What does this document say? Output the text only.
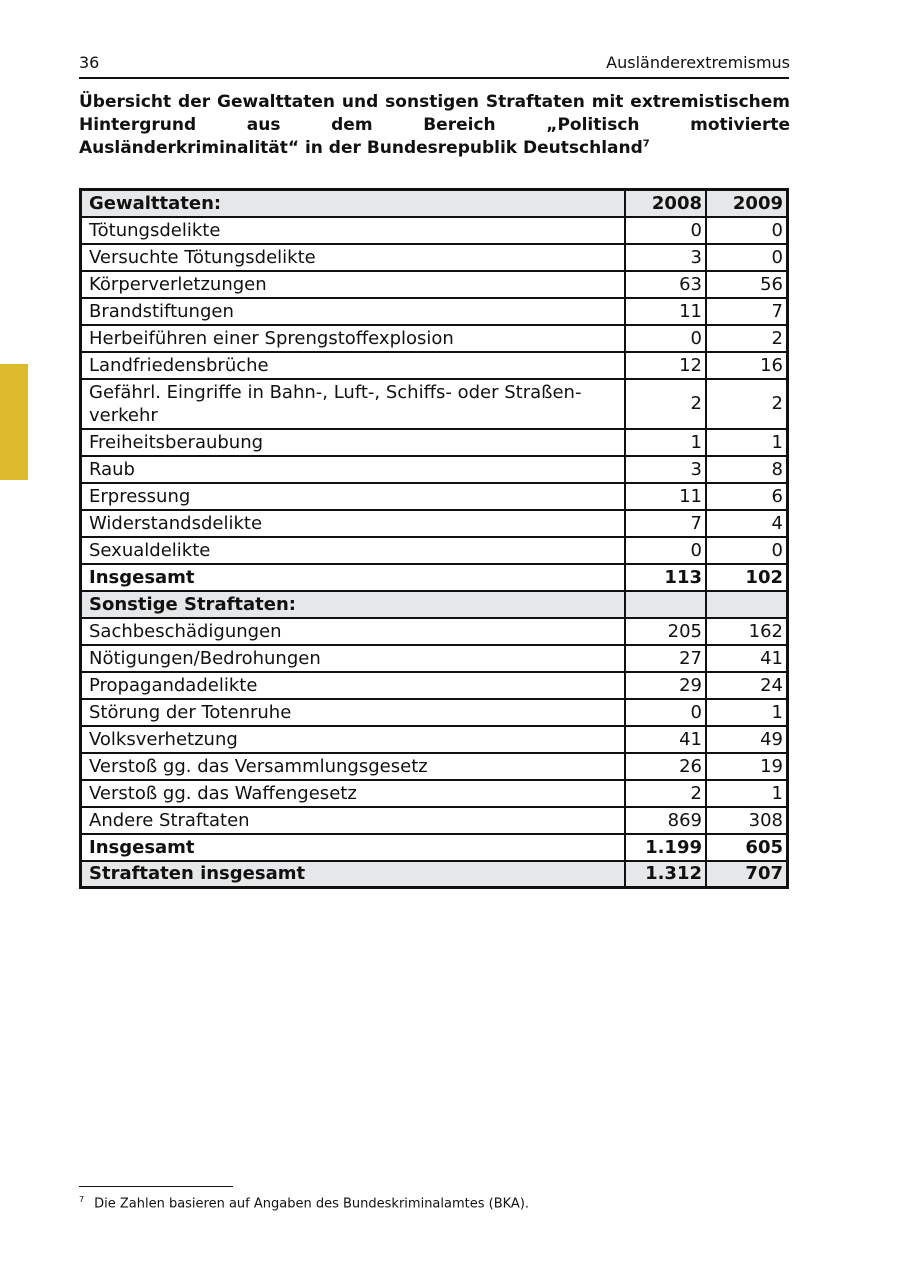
36	Ausländerextremismus

Übersicht der Gewalttaten und sonstigen Straftaten mit extremistischem Hintergrund aus dem Bereich „Politisch motivierte Ausländerkriminalität“ in der Bundesrepublik Deutschland$^7$

Gewalttaten:	2008	2009
Tötungsdelikte	0	0
Versuchte Tötungsdelikte	3	0
Körperverletzungen	63	56
Brandstiftungen	11	7
Herbeiführen einer Sprengstoffexplosion	0	2
Landfriedensbrüche	12	16
Gefährl. Eingriffe in Bahn-, Luft-, Schiffs- oder Straßen-verkehr	2	2
Freiheitsberaubung	1	1
Raub	3	8
Erpressung	11	6
Widerstandsdelikte	7	4
Sexualdelikte	0	0
Insgesamt	113	102
Sonstige Straftaten:		
Sachbeschädigungen	205	162
Nötigungen/Bedrohungen	27	41
Propagandadelikte	29	24
Störung der Totenruhe	0	1
Volksverhetzung	41	49
Verstoß gg. das Versammlungsgesetz	26	19
Verstoß gg. das Waffengesetz	2	1
Andere Straftaten	869	308
Insgesamt	1.199	605
Straftaten insgesamt	1.312	707
$^7$ Die Zahlen basieren auf Angaben des Bundeskriminalamtes (BKA).
